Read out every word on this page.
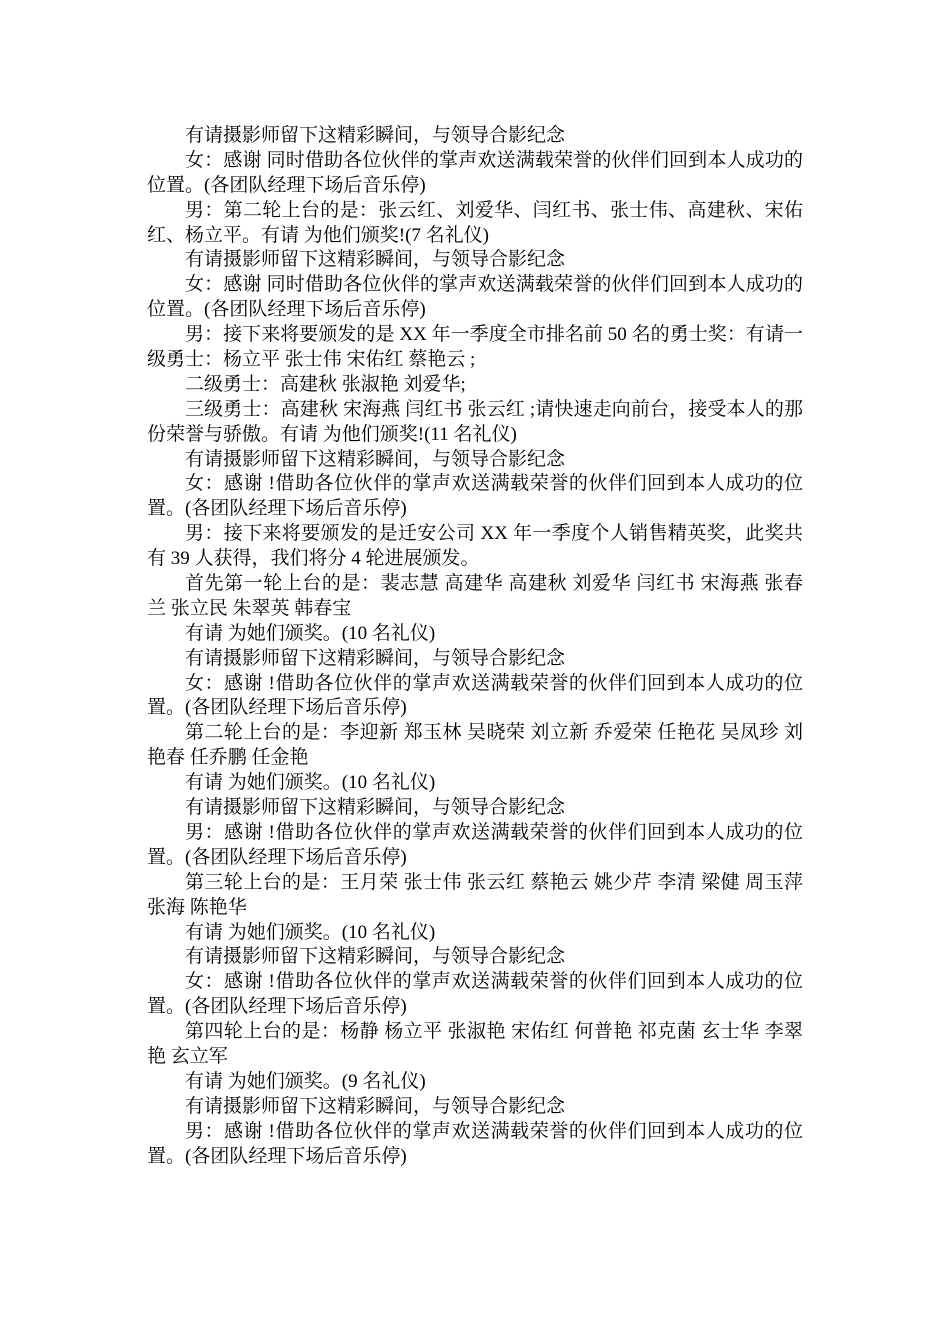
有请摄影师留下这精彩瞬间，与领导合影纪念
女：感谢 同时借助各位伙伴的掌声欢送满载荣誉的伙伴们回到本人成功的
位置。(各团队经理下场后音乐停)
男：第二轮上台的是：张云红、刘爱华、闫红书、张士伟、高建秋、宋佑
红、杨立平。有请 为他们颁奖!(7 名礼仪)
有请摄影师留下这精彩瞬间，与领导合影纪念
女：感谢 同时借助各位伙伴的掌声欢送满载荣誉的伙伴们回到本人成功的
位置。(各团队经理下场后音乐停)
男：接下来将要颁发的是 XX 年一季度全市排名前 50 名的勇士奖：有请一
级勇士：杨立平 张士伟 宋佑红 蔡艳云 ;
二级勇士：高建秋 张淑艳 刘爱华;
三级勇士：高建秋 宋海燕 闫红书 张云红 ;请快速走向前台，接受本人的那
份荣誉与骄傲。有请 为他们颁奖!(11 名礼仪)
有请摄影师留下这精彩瞬间，与领导合影纪念
女：感谢 !借助各位伙伴的掌声欢送满载荣誉的伙伴们回到本人成功的位
置。(各团队经理下场后音乐停)
男：接下来将要颁发的是迁安公司 XX 年一季度个人销售精英奖，此奖共
有 39 人获得，我们将分 4 轮进展颁发。
首先第一轮上台的是：裴志慧 高建华 高建秋 刘爱华 闫红书 宋海燕 张春
兰 张立民 朱翠英 韩春宝
有请 为她们颁奖。(10 名礼仪)
有请摄影师留下这精彩瞬间，与领导合影纪念
女：感谢 !借助各位伙伴的掌声欢送满载荣誉的伙伴们回到本人成功的位
置。(各团队经理下场后音乐停)
第二轮上台的是：李迎新 郑玉林 吴晓荣 刘立新 乔爱荣 任艳花 吴凤珍 刘
艳春 任乔鹏 任金艳
有请 为她们颁奖。(10 名礼仪)
有请摄影师留下这精彩瞬间，与领导合影纪念
男：感谢 !借助各位伙伴的掌声欢送满载荣誉的伙伴们回到本人成功的位
置。(各团队经理下场后音乐停)
第三轮上台的是：王月荣 张士伟 张云红 蔡艳云 姚少芹 李清 梁健 周玉萍
张海 陈艳华
有请 为她们颁奖。(10 名礼仪)
有请摄影师留下这精彩瞬间，与领导合影纪念
女：感谢 !借助各位伙伴的掌声欢送满载荣誉的伙伴们回到本人成功的位
置。(各团队经理下场后音乐停)
第四轮上台的是：杨静 杨立平 张淑艳 宋佑红 何普艳 祁克菌 玄士华 李翠
艳 玄立军
有请 为她们颁奖。(9 名礼仪)
有请摄影师留下这精彩瞬间，与领导合影纪念
男：感谢 !借助各位伙伴的掌声欢送满载荣誉的伙伴们回到本人成功的位
置。(各团队经理下场后音乐停)
